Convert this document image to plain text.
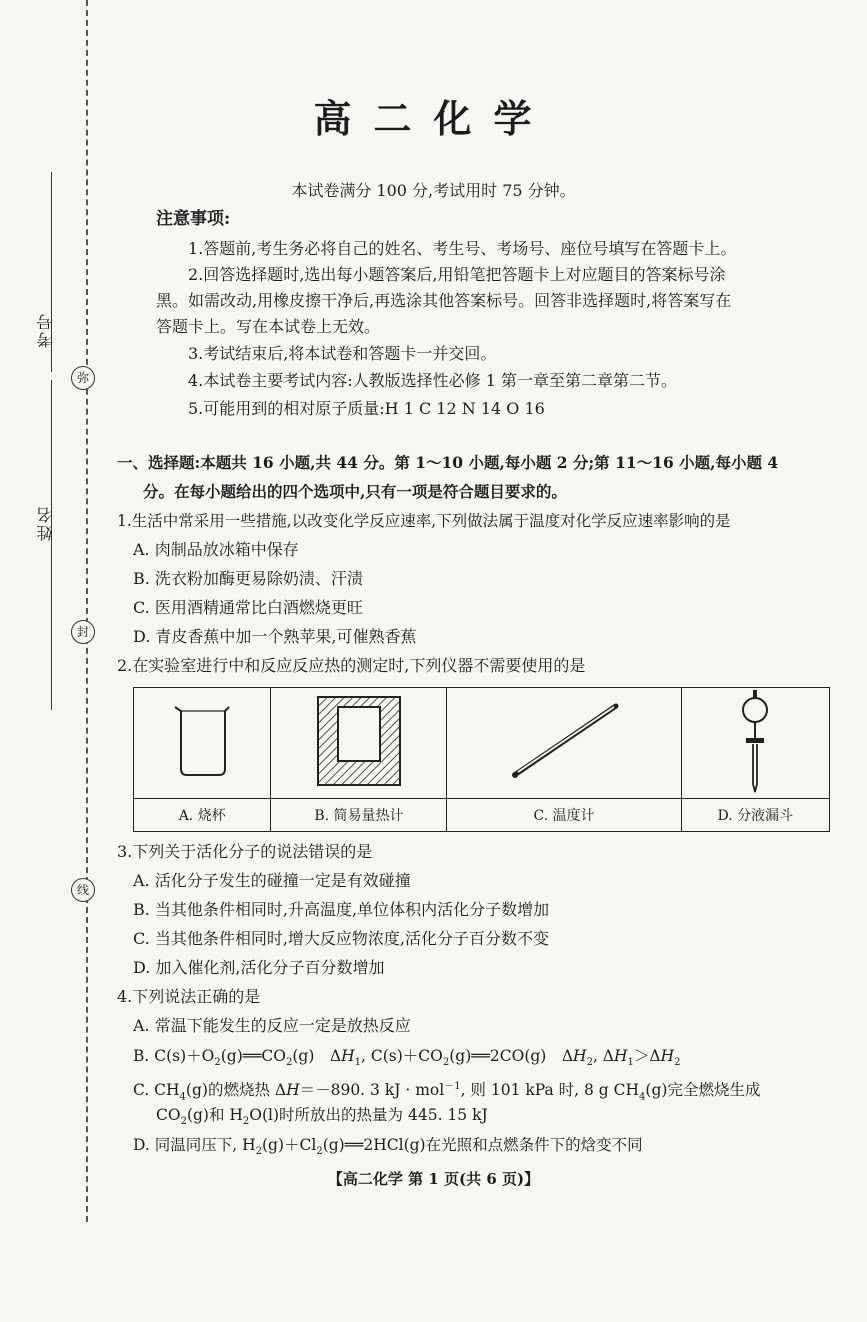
考号
姓名
弥
封
线
高二化学
本试卷满分 100 分,考试用时 75 分钟。
注意事项:
1.答题前,考生务必将自己的姓名、考生号、考场号、座位号填写在答题卡上。
2.回答选择题时,选出每小题答案后,用铅笔把答题卡上对应题目的答案标号涂
黑。如需改动,用橡皮擦干净后,再选涂其他答案标号。回答非选择题时,将答案写在
答题卡上。写在本试卷上无效。
3.考试结束后,将本试卷和答题卡一并交回。
4.本试卷主要考试内容:人教版选择性必修 1 第一章至第二章第二节。
5.可能用到的相对原子质量:H 1 C 12 N 14 O 16
一、选择题:本题共 16 小题,共 44 分。第 1～10 小题,每小题 2 分;第 11～16 小题,每小题 4
分。在每小题给出的四个选项中,只有一项是符合题目要求的。
1.生活中常采用一些措施,以改变化学反应速率,下列做法属于温度对化学反应速率影响的是
A. 肉制品放冰箱中保存
B. 洗衣粉加酶更易除奶渍、汗渍
C. 医用酒精通常比白酒燃烧更旺
D. 青皮香蕉中加一个熟苹果,可催熟香蕉
2.在实验室进行中和反应反应热的测定时,下列仪器不需要使用的是

A. 烧杯	B. 简易量热计	C. 温度计	D. 分液漏斗
3.下列关于活化分子的说法错误的是
A. 活化分子发生的碰撞一定是有效碰撞
B. 当其他条件相同时,升高温度,单位体积内活化分子数增加
C. 当其他条件相同时,增大反应物浓度,活化分子百分数不变
D. 加入催化剂,活化分子百分数增加
4.下列说法正确的是
A. 常温下能发生的反应一定是放热反应
B. $C(s)+O_2(g)══CO_2(g)$　$\Delta H_1$, $C(s)+CO_2(g)══2CO(g)$　$\Delta H_2$, $\Delta H_1>\Delta H_2$
C. $CH_4(g)$的燃烧热 ΔH＝－890. 3 kJ · mol$^{-1}$, 则 101 kPa 时, 8 g $CH_4(g)$完全燃烧生成
$CO_2(g)$和 $H_2O(l)$时所放出的热量为 445. 15 kJ
D. 同温同压下, $H_2(g)+Cl_2(g)══2HCl(g)$在光照和点燃条件下的焓变不同
【高二化学 第 1 页(共 6 页)】
